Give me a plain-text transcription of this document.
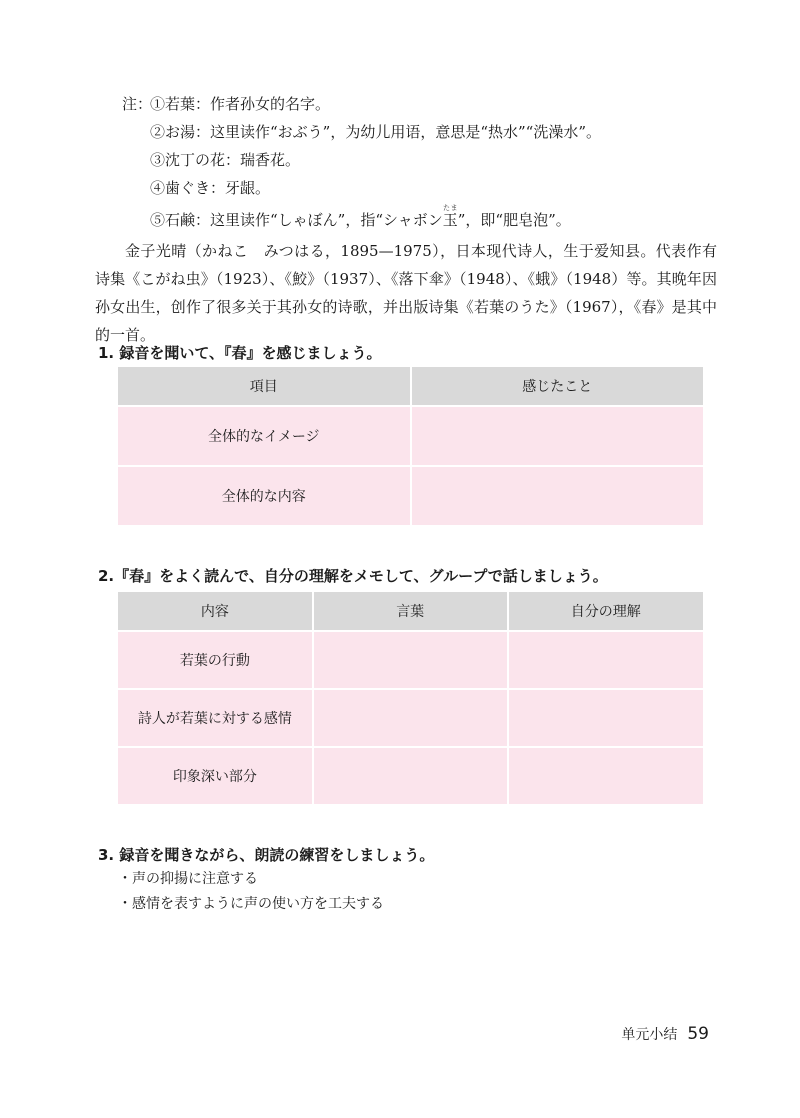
注：
①若葉：作者孙女的名字。
②お湯：这里读作“おぶう”，为幼儿用语，意思是“热水”“洗澡水”。
③沈丁の花：瑞香花。
④歯ぐき：牙龈。
⑤石鹸：这里读作“しゃぼん”，指“シャボン玉たま”，即“肥皂泡”。

金子光晴（かねこ　みつはる，1895—1975），日本现代诗人，生于爱知县。代表作有诗集《こがね虫》（1923）、《鮫》（1937）、《落下傘》（1948）、《蛾》（1948）等。其晚年因孙女出生，创作了很多关于其孙女的诗歌，并出版诗集《若葉のうた》（1967），《春》是其中的一首。

1. 録音を聞いて、『春』を感じましょう。
項目	感じたこと
全体的なイメージ	
全体的な内容	
2.『春』をよく読んで、自分の理解をメモして、グループで話しましょう。
内容	言葉	自分の理解
若葉の行動		
詩人が若葉に対する感情		
印象深い部分		
3. 録音を聞きながら、朗読の練習をしましょう。
・声の抑揚に注意する
・感情を表すように声の使い方を工夫する
单元小结 59
